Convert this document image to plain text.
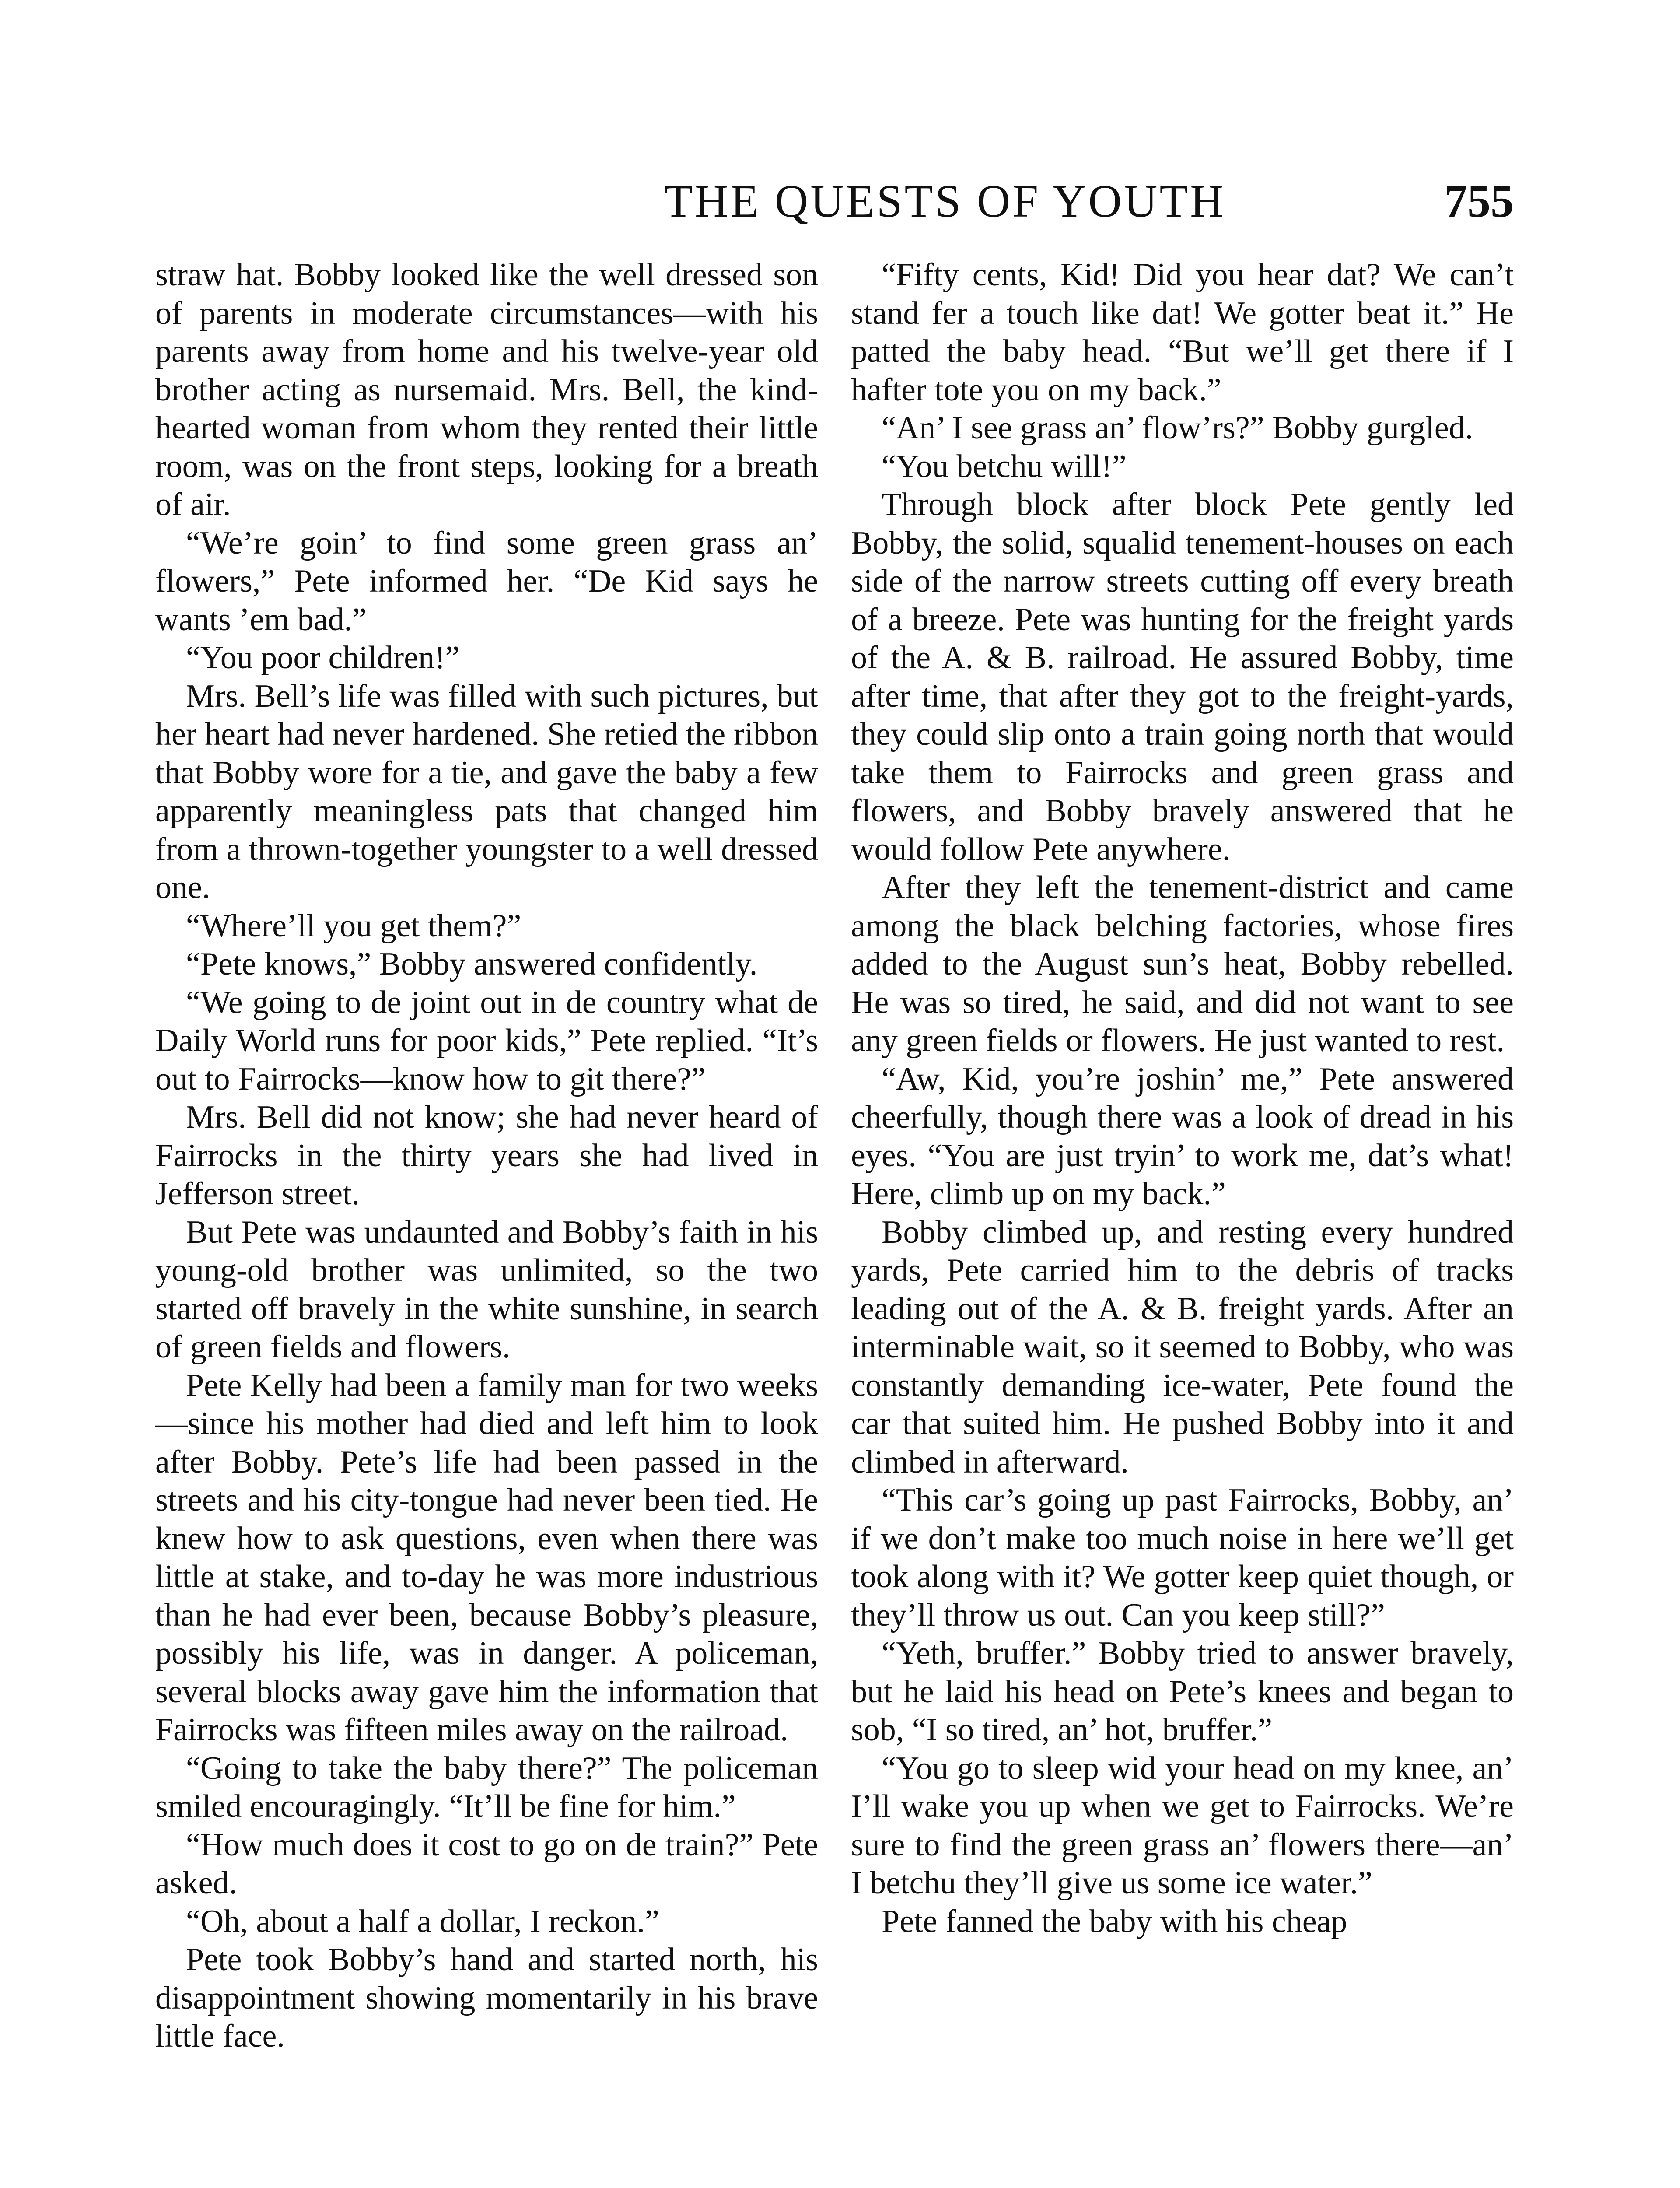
THE QUESTS OF YOUTH	755

straw hat. Bobby looked like the well dressed son of parents in moderate circumstances—with his parents away from home and his twelve-year old brother acting as nursemaid. Mrs. Bell, the kind-hearted woman from whom they rented their little room, was on the front steps, looking for a breath of air.

“We’re goin’ to find some green grass an’ flowers,” Pete informed her. “De Kid says he wants ’em bad.”

“You poor children!”

Mrs. Bell’s life was filled with such pictures, but her heart had never hardened. She retied the ribbon that Bobby wore for a tie, and gave the baby a few apparently meaningless pats that changed him from a thrown-together youngster to a well dressed one.

“Where’ll you get them?”

“Pete knows,” Bobby answered confidently.

“We going to de joint out in de country what de Daily World runs for poor kids,” Pete replied. “It’s out to Fairrocks—know how to git there?”

Mrs. Bell did not know; she had never heard of Fairrocks in the thirty years she had lived in Jefferson street.

But Pete was undaunted and Bobby’s faith in his young-old brother was unlimited, so the two started off bravely in the white sunshine, in search of green fields and flowers.

Pete Kelly had been a family man for two weeks—since his mother had died and left him to look after Bobby. Pete’s life had been passed in the streets and his city-tongue had never been tied. He knew how to ask questions, even when there was little at stake, and to-day he was more industrious than he had ever been, because Bobby’s pleasure, possibly his life, was in danger. A policeman, several blocks away gave him the information that Fairrocks was fifteen miles away on the railroad.

“Going to take the baby there?” The policeman smiled encouragingly. “It’ll be fine for him.”

“How much does it cost to go on de train?” Pete asked.

“Oh, about a half a dollar, I reckon.”

Pete took Bobby’s hand and started north, his disappointment showing momentarily in his brave little face.

“Fifty cents, Kid! Did you hear dat? We can’t stand fer a touch like dat! We gotter beat it.” He patted the baby head. “But we’ll get there if I hafter tote you on my back.”

“An’ I see grass an’ flow’rs?” Bobby gurgled.

“You betchu will!”

Through block after block Pete gently led Bobby, the solid, squalid tenement-houses on each side of the narrow streets cutting off every breath of a breeze. Pete was hunting for the freight yards of the A. & B. railroad. He assured Bobby, time after time, that after they got to the freight-yards, they could slip onto a train going north that would take them to Fairrocks and green grass and flowers, and Bobby bravely answered that he would follow Pete anywhere.

After they left the tenement-district and came among the black belching factories, whose fires added to the August sun’s heat, Bobby rebelled. He was so tired, he said, and did not want to see any green fields or flowers. He just wanted to rest.

“Aw, Kid, you’re joshin’ me,” Pete answered cheerfully, though there was a look of dread in his eyes. “You are just tryin’ to work me, dat’s what! Here, climb up on my back.”

Bobby climbed up, and resting every hundred yards, Pete carried him to the debris of tracks leading out of the A. & B. freight yards. After an interminable wait, so it seemed to Bobby, who was constantly demanding ice-water, Pete found the car that suited him. He pushed Bobby into it and climbed in afterward.

“This car’s going up past Fairrocks, Bobby, an’ if we don’t make too much noise in here we’ll get took along with it? We gotter keep quiet though, or they’ll throw us out. Can you keep still?”

“Yeth, bruffer.” Bobby tried to answer bravely, but he laid his head on Pete’s knees and began to sob, “I so tired, an’ hot, bruffer.”

“You go to sleep wid your head on my knee, an’ I’ll wake you up when we get to Fairrocks. We’re sure to find the green grass an’ flowers there—an’ I betchu they’ll give us some ice water.”

Pete fanned the baby with his cheap
